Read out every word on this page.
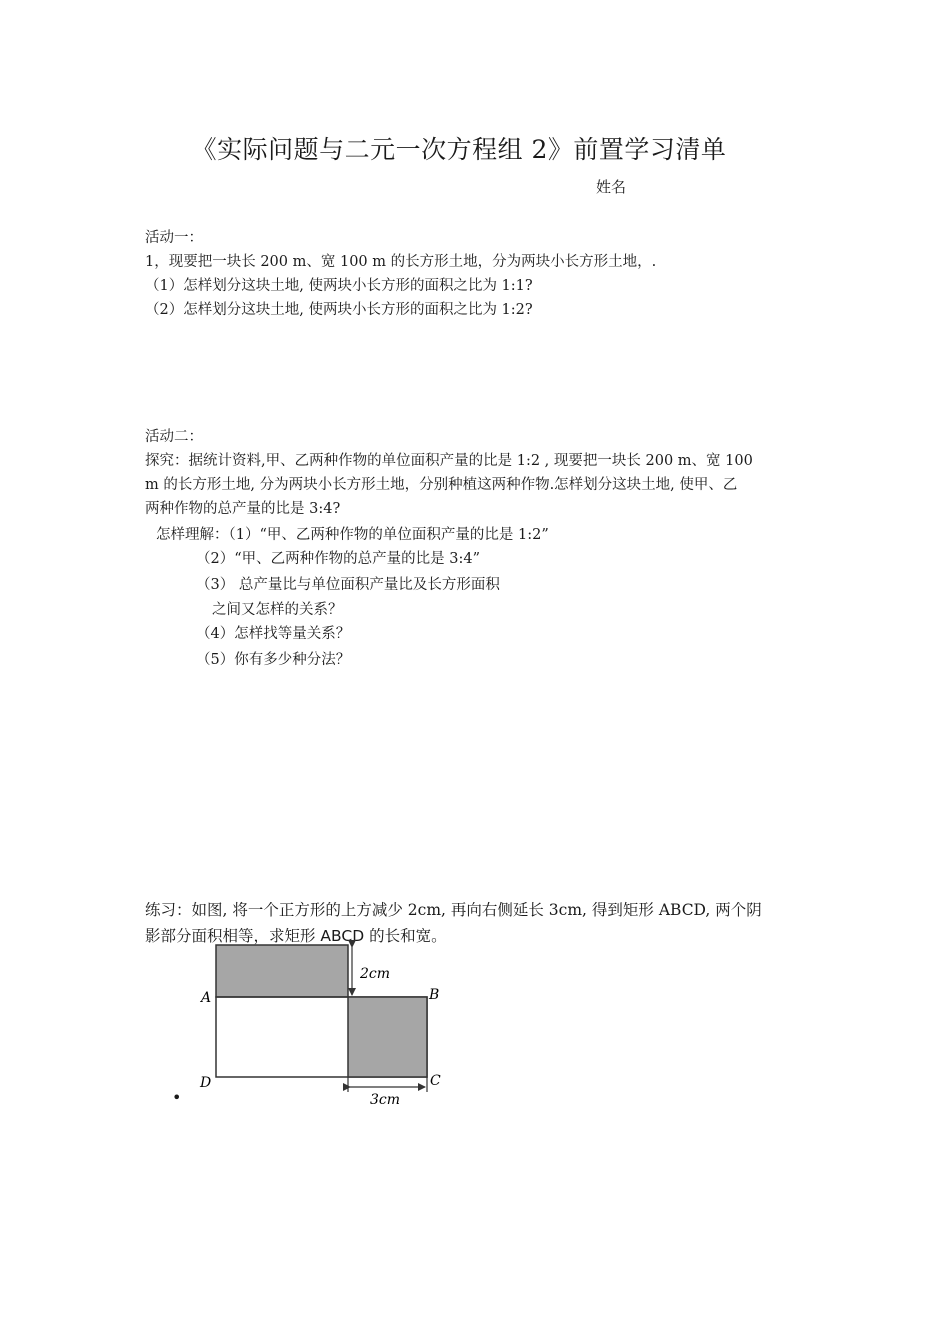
《实际问题与二元一次方程组 2》前置学习清单
姓名
活动一：
1，现要把一块长 200 m、宽 100 m 的长方形土地，分为两块小长方形土地，.
（1）怎样划分这块土地, 使两块小长方形的面积之比为 1:1?
（2）怎样划分这块土地, 使两块小长方形的面积之比为 1:2?
活动二：
探究：据统计资料,甲、乙两种作物的单位面积产量的比是 1:2 , 现要把一块长 200 m、宽 100
m 的长方形土地, 分为两块小长方形土地，分别种植这两种作物.怎样划分这块土地, 使甲、乙
两种作物的总产量的比是 3:4?
怎样理解：（1）“甲、乙两种作物的单位面积产量的比是 1:2”
（2）“甲、乙两种作物的总产量的比是 3:4”
（3） 总产量比与单位面积产量比及长方形面积
之间又怎样的关系？
（4）怎样找等量关系？
（5）你有多少种分法？
练习：如图, 将一个正方形的上方减少 2cm, 再向右侧延长 3cm, 得到矩形 ABCD, 两个阴
影部分面积相等，求矩形 ABCD 的长和宽。
A	B
C
D
2cm
3cm
•
